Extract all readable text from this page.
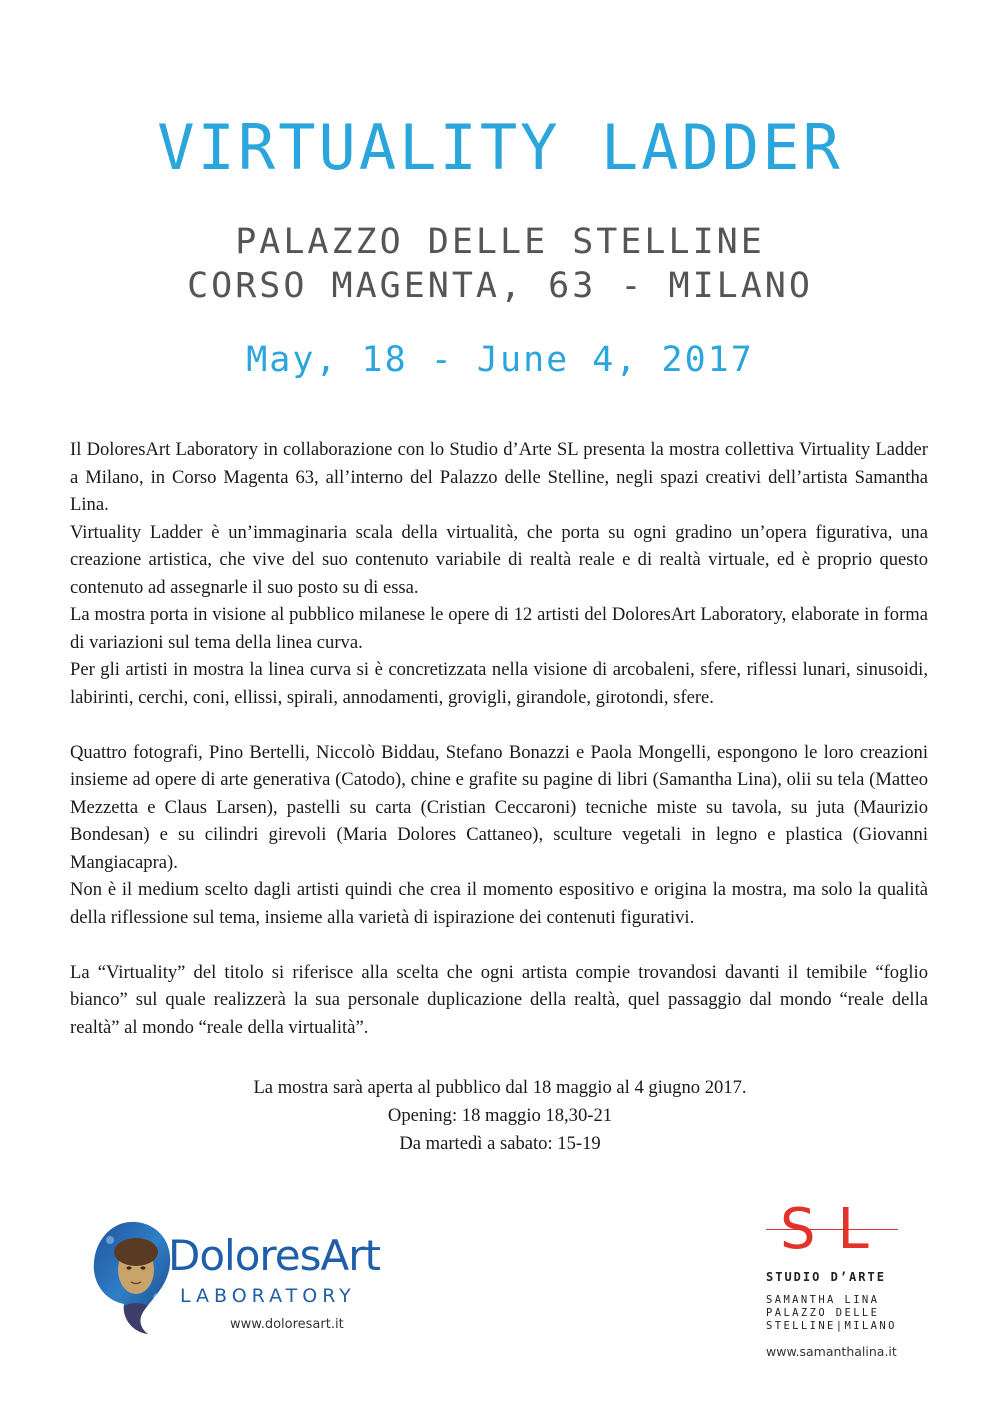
VIRTUALITY LADDER
PALAZZO DELLE STELLINE
CORSO MAGENTA, 63 - MILANO
May, 18 - June 4, 2017

Il DoloresArt Laboratory in collaborazione con lo Studio d’Arte SL presenta la mostra collettiva Virtuality Ladder a Milano, in Corso Magenta 63, all’interno del Palazzo delle Stelline, negli spazi creativi dell’artista Samantha Lina.

Virtuality Ladder è un’immaginaria scala della virtualità, che porta su ogni gradino un’opera figurativa, una creazione artistica, che vive del suo contenuto variabile di realtà reale e di realtà virtuale, ed è proprio questo contenuto ad assegnarle il suo posto su di essa.

La mostra porta in visione al pubblico milanese le opere di 12 artisti del DoloresArt Laboratory, elaborate in forma di variazioni sul tema della linea curva.

Per gli artisti in mostra la linea curva si è concretizzata nella visione di arcobaleni, sfere, riflessi lunari, sinusoidi, labirinti, cerchi, coni, ellissi, spirali, annodamenti, grovigli, girandole, girotondi, sfere.

Quattro fotografi, Pino Bertelli, Niccolò Biddau, Stefano Bonazzi e Paola Mongelli, espongono le loro creazioni insieme ad opere di arte generativa (Catodo), chine e grafite su pagine di libri (Samantha Lina), olii su tela (Matteo Mezzetta e Claus Larsen), pastelli su carta (Cristian Ceccaroni) tecniche miste su tavola, su juta (Maurizio Bondesan) e su cilindri girevoli (Maria Dolores Cattaneo), sculture vegetali in legno e plastica (Giovanni Mangiacapra).

Non è il medium scelto dagli artisti quindi che crea il momento espositivo e origina la mostra, ma solo la qualità della riflessione sul tema, insieme alla varietà di ispirazione dei contenuti figurativi.

La “Virtuality” del titolo si riferisce alla scelta che ogni artista compie trovandosi davanti il temibile “foglio bianco” sul quale realizzerà la sua personale duplicazione della realtà, quel passaggio dal mondo “reale della realtà” al mondo “reale della virtualità”.

La mostra sarà aperta al pubblico dal 18 maggio al 4 giugno 2017.
Opening: 18 maggio 18,30-21
Da martedì a sabato: 15-19
DoloresArt
LABORATORY
www.doloresart.it
SL
STUDIO D’ARTE
SAMANTHA LINA
PALAZZO DELLE
STELLINE|MILANO
www.samanthalina.it
